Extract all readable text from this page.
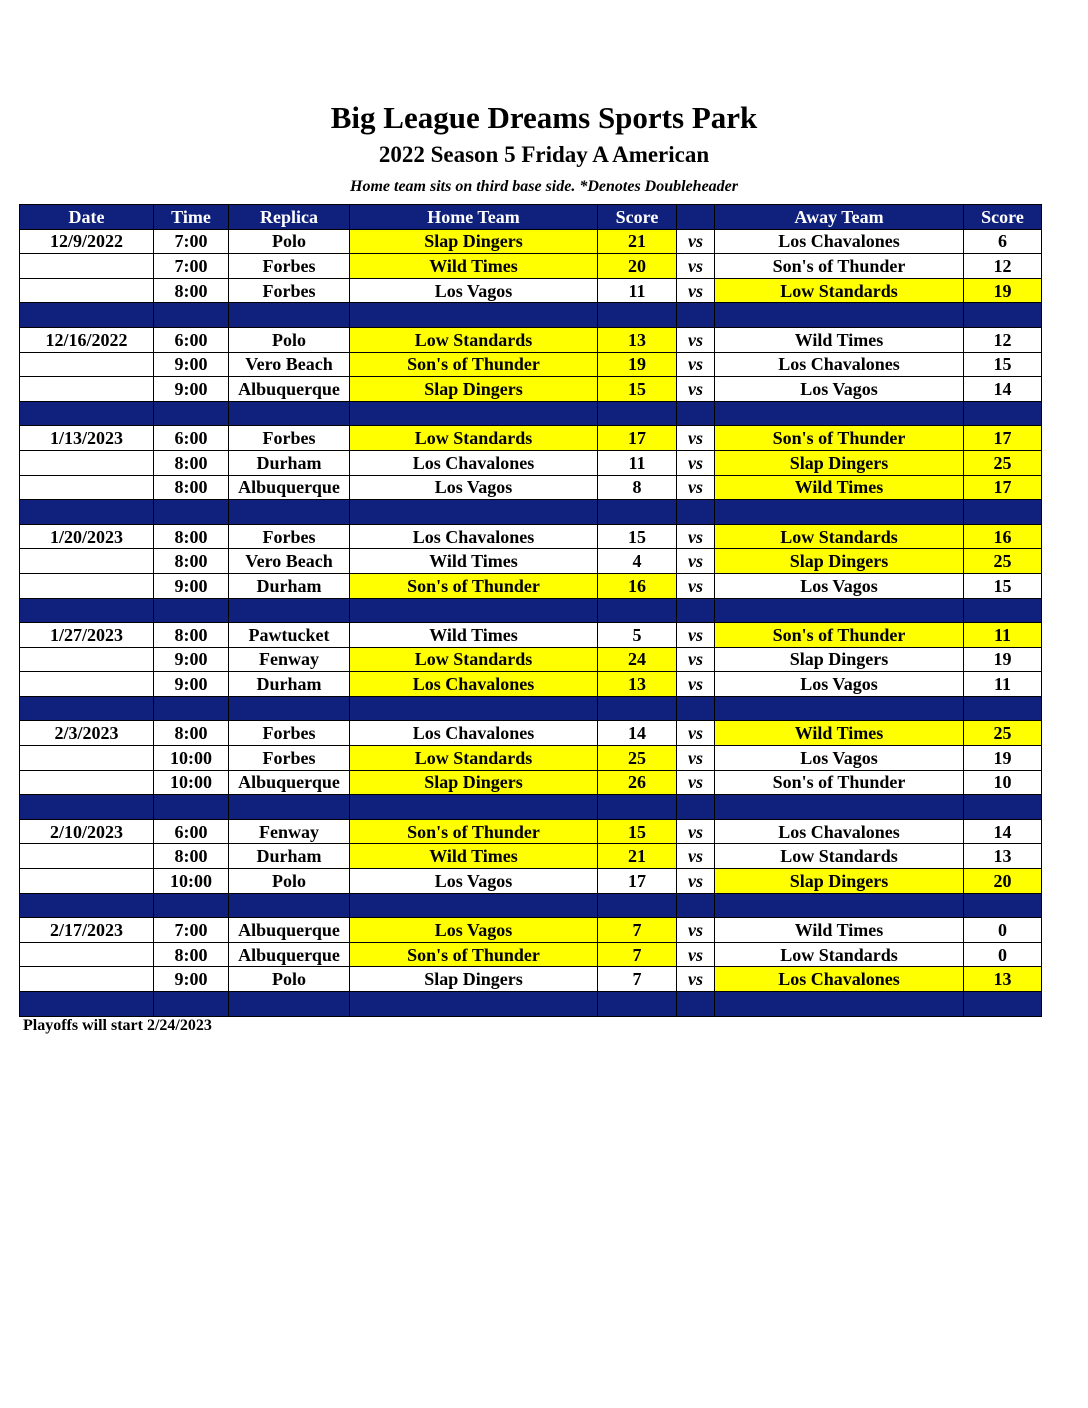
Big League Dreams Sports Park
2022 Season 5 Friday A American
Home team sits on third base side. *Denotes Doubleheader
Date	Time	Replica	Home Team	Score		Away Team	Score
12/9/2022	7:00	Polo	Slap Dingers	21	vs	Los Chavalones	6
	7:00	Forbes	Wild Times	20	vs	Son's of Thunder	12
	8:00	Forbes	Los Vagos	11	vs	Low Standards	19

12/16/2022	6:00	Polo	Low Standards	13	vs	Wild Times	12
	9:00	Vero Beach	Son's of Thunder	19	vs	Los Chavalones	15
	9:00	Albuquerque	Slap Dingers	15	vs	Los Vagos	14

1/13/2023	6:00	Forbes	Low Standards	17	vs	Son's of Thunder	17
	8:00	Durham	Los Chavalones	11	vs	Slap Dingers	25
	8:00	Albuquerque	Los Vagos	8	vs	Wild Times	17

1/20/2023	8:00	Forbes	Los Chavalones	15	vs	Low Standards	16
	8:00	Vero Beach	Wild Times	4	vs	Slap Dingers	25
	9:00	Durham	Son's of Thunder	16	vs	Los Vagos	15

1/27/2023	8:00	Pawtucket	Wild Times	5	vs	Son's of Thunder	11
	9:00	Fenway	Low Standards	24	vs	Slap Dingers	19
	9:00	Durham	Los Chavalones	13	vs	Los Vagos	11

2/3/2023	8:00	Forbes	Los Chavalones	14	vs	Wild Times	25
	10:00	Forbes	Low Standards	25	vs	Los Vagos	19
	10:00	Albuquerque	Slap Dingers	26	vs	Son's of Thunder	10

2/10/2023	6:00	Fenway	Son's of Thunder	15	vs	Los Chavalones	14
	8:00	Durham	Wild Times	21	vs	Low Standards	13
	10:00	Polo	Los Vagos	17	vs	Slap Dingers	20

2/17/2023	7:00	Albuquerque	Los Vagos	7	vs	Wild Times	0
	8:00	Albuquerque	Son's of Thunder	7	vs	Low Standards	0
	9:00	Polo	Slap Dingers	7	vs	Los Chavalones	13

Playoffs will start 2/24/2023
